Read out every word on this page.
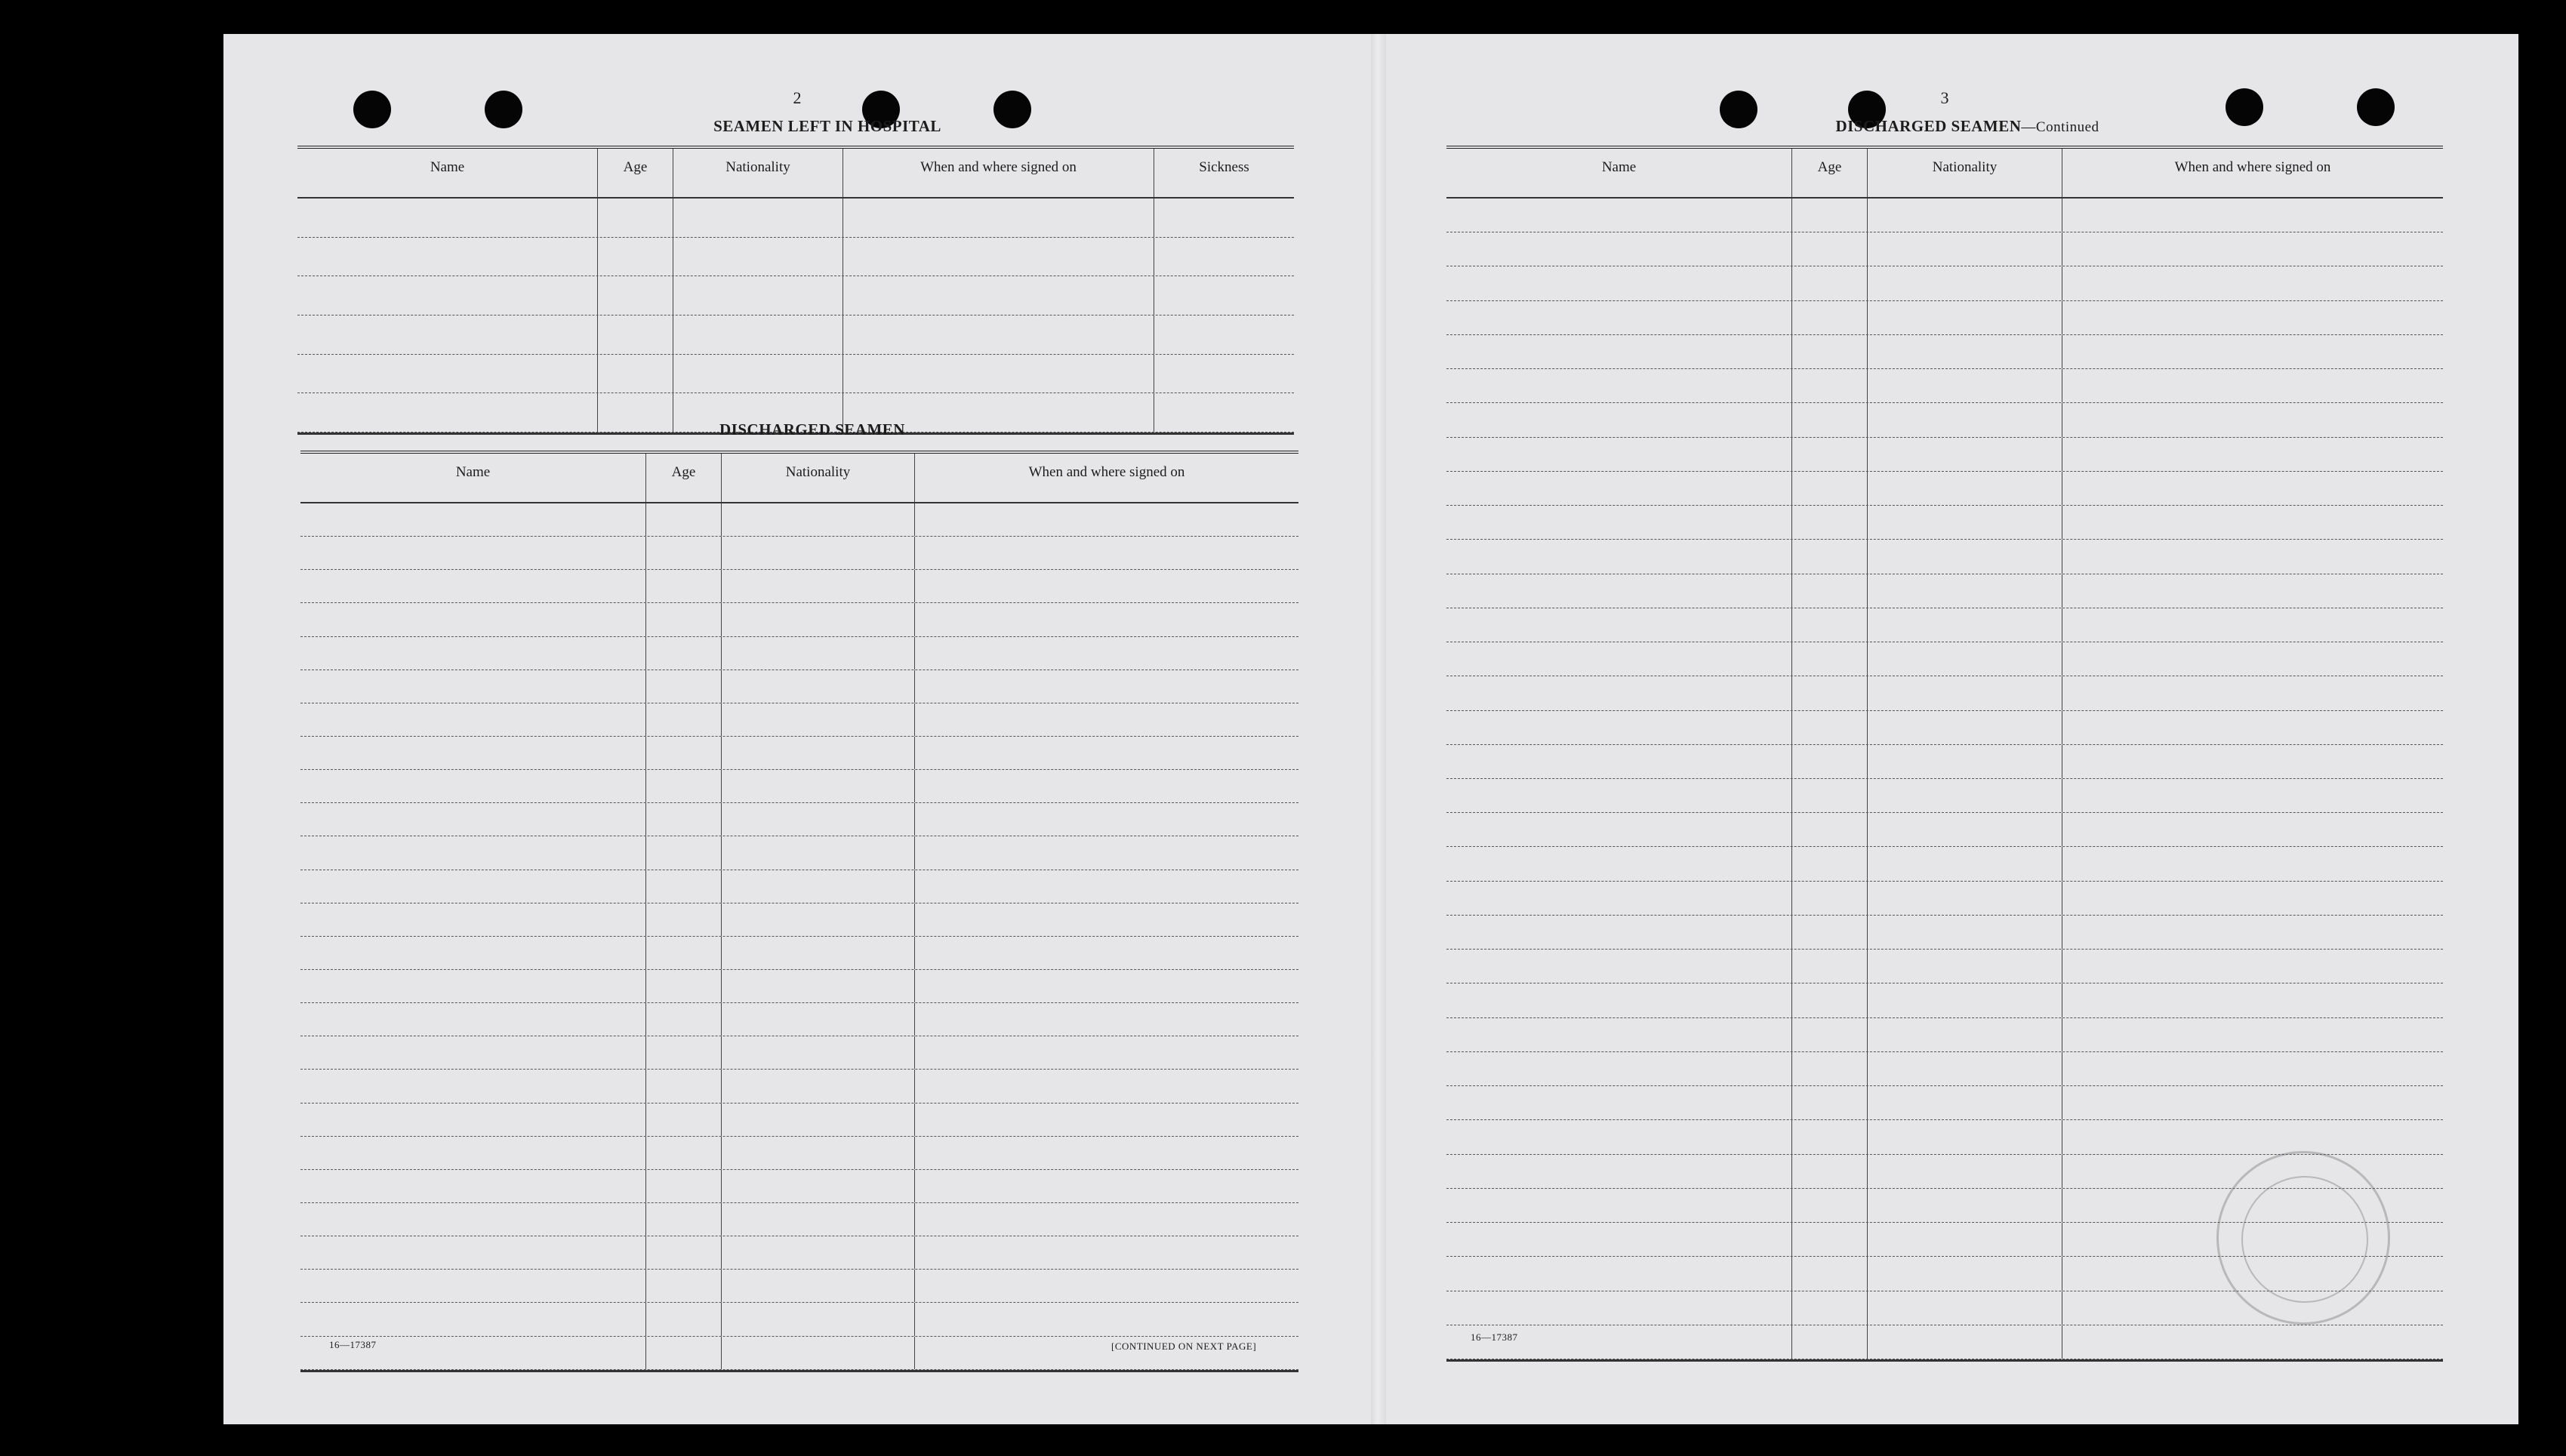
​
2
SEAMEN LEFT IN HOSPITAL
Name	Age	Nationality	When and where signed on	Sickness
DISCHARGED SEAMEN
Name	Age	Nationality	When and where signed on
16—17387	[CONTINUED ON NEXT PAGE]
3
DISCHARGED SEAMEN—Continued
Name	Age	Nationality	When and where signed on
16—17387
